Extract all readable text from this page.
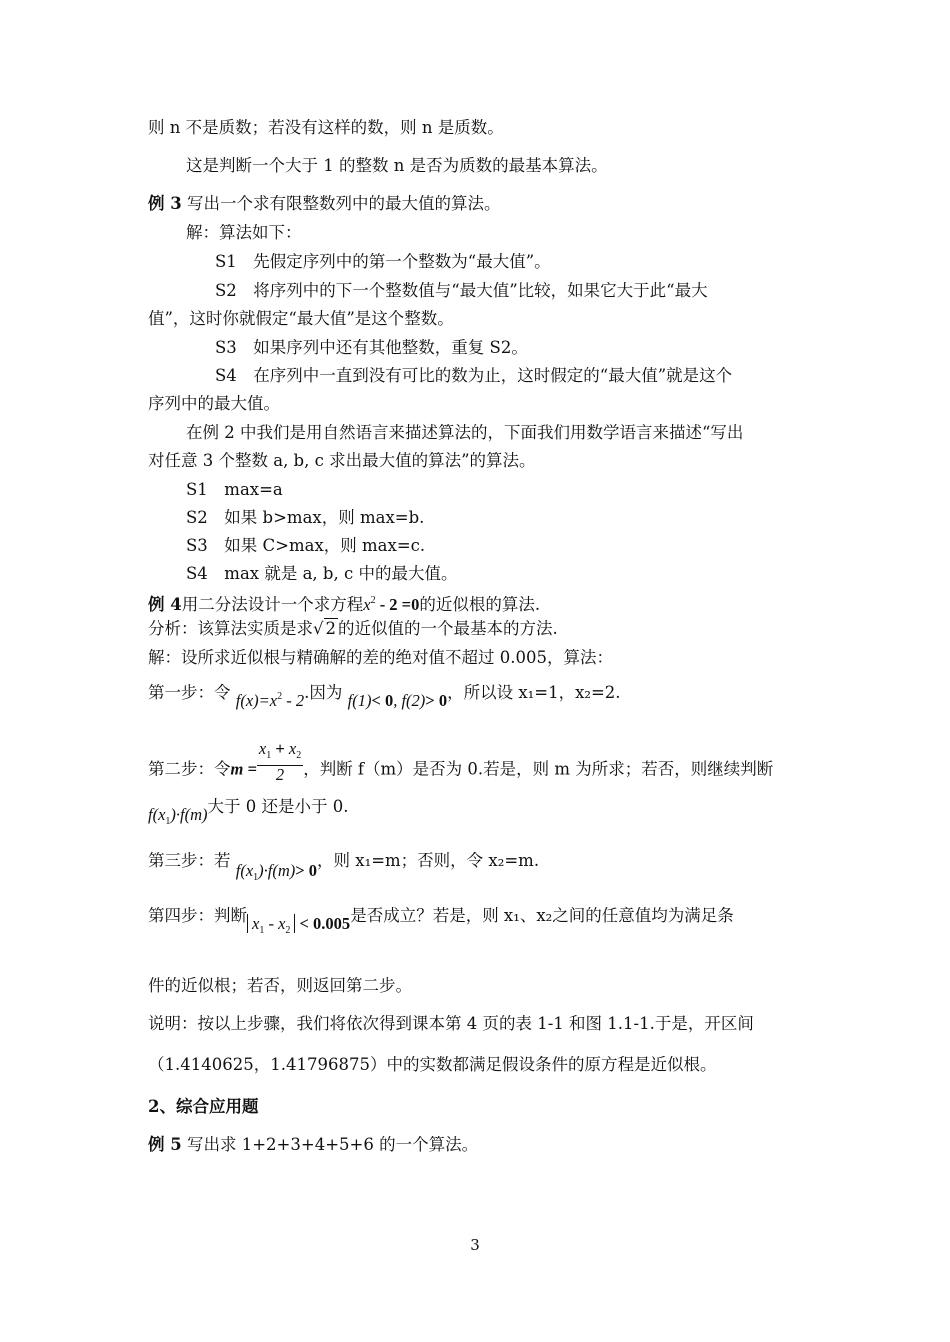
则 n 不是质数；若没有这样的数，则 n 是质数。
这是判断一个大于 1 的整数 n 是否为质数的最基本算法。
例 3 写出一个求有限整数列中的最大值的算法。
解：算法如下：
S1　先假定序列中的第一个整数为“最大值”。
S2　将序列中的下一个整数值与“最大值”比较，如果它大于此“最大
值”，这时你就假定“最大值”是这个整数。
S3　如果序列中还有其他整数，重复 S2。
S4　在序列中一直到没有可比的数为止，这时假定的“最大值”就是这个
序列中的最大值。
在例 2 中我们是用自然语言来描述算法的，下面我们用数学语言来描述“写出
对任意 3 个整数 a, b, c 求出最大值的算法”的算法。
S1　max=a
S2　如果 b>max，则 max=b.
S3　如果 C>max，则 max=c.
S4　max 就是 a, b, c 中的最大值。
例 4用二分法设计一个求方程$x^2 - 2 =0$的近似根的算法.
分析：该算法实质是求√ 2 的近似值的一个最基本的方法.
解：设所求近似根与精确解的差的绝对值不超过 0.005，算法：
第一步：令 $f(x)=x^2 - 2$.因为 f(1)< 0, f(2)> 0，所以设 x₁=1，x₂=2.
第二步：令$m = \frac{x_1 + x_2}{2}$ ，判断 f（m）是否为 0.若是，则 m 为所求；若否，则继续判断
$f(x_1)\cdot f(m)$大于 0 还是小于 0.
第三步：若 $f(x_1)\cdot f(m)> 0$，则 x₁=m；否则，令 x₂=m.
第四步：判断 $x_1 - x_2 < 0.005$是否成立？若是，则 x₁、x₂之间的任意值均为满足条
件的近似根；若否，则返回第二步。
说明：按以上步骤，我们将依次得到课本第 4 页的表 1-1 和图 1.1-1.于是，开区间
（1.4140625，1.41796875）中的实数都满足假设条件的原方程是近似根。
2、综合应用题
例 5 写出求 1+2+3+4+5+6 的一个算法。
3
